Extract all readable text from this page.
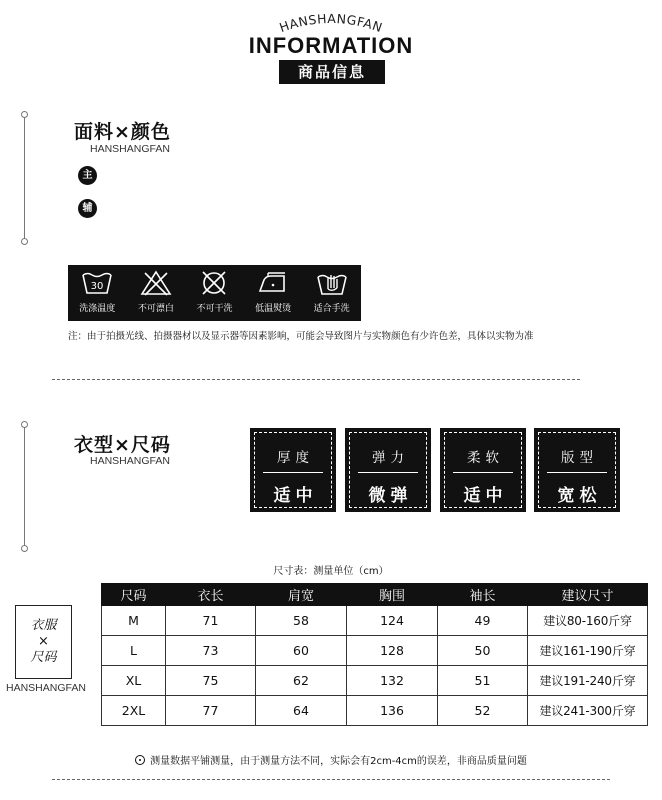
HANSHANGFAN
INFORMATION
商品信息
面料×颜色
HANSHANGFAN
主
辅
30
洗涤温度	不可漂白	不可干洗	低温熨烫	适合手洗
注：由于拍摄光线、拍摄器材以及显示器等因素影响，可能会导致图片与实物颜色有少许色差，具体以实物为准
衣型×尺码
HANSHANGFAN	厚度
适中
弹力
微弹
柔软
适中
版型
宽松
尺寸表：测量单位（cm）
尺码	衣长	肩宽	胸围	袖长	建议尺寸
M	71	58	124	49	建议80-160斤穿
L	73	60	128	50	建议161-190斤穿
XL	75	62	132	51	建议191-240斤穿
2XL	77	64	136	52	建议241-300斤穿
衣服
×
尺码
HANSHANGFAN
测量数据平铺测量，由于测量方法不同，实际会有2cm-4cm的误差，非商品质量问题
